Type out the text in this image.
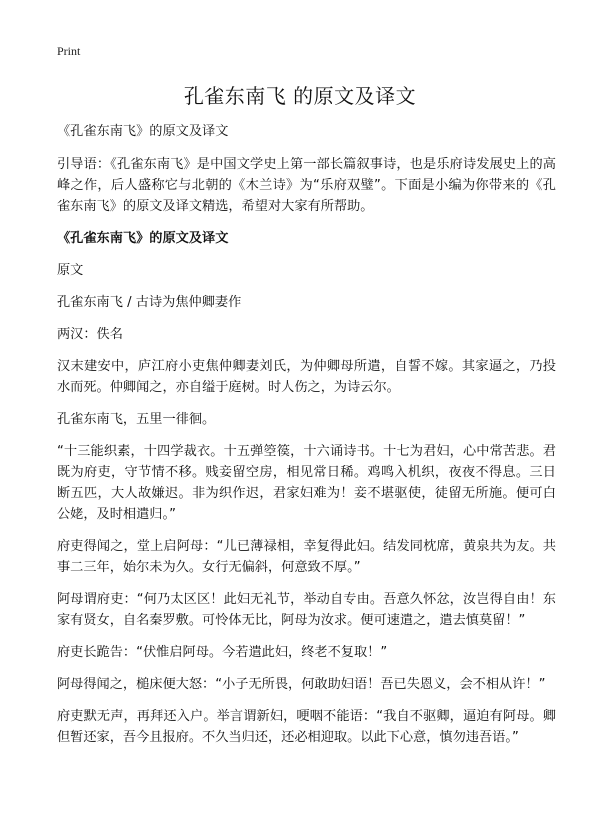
Print
孔雀东南飞 的原文及译文

《孔雀东南飞》的原文及译文

引导语：《孔雀东南飞》是中国文学史上第一部长篇叙事诗，也是乐府诗发展史上的高峰之作，后人盛称它与北朝的《木兰诗》为“乐府双璧”。下面是小编为你带来的《孔雀东南飞》的原文及译文精选，希望对大家有所帮助。

《孔雀东南飞》的原文及译文

原文

孔雀东南飞 / 古诗为焦仲卿妻作

两汉：佚名

汉末建安中，庐江府小吏焦仲卿妻刘氏，为仲卿母所遣，自誓不嫁。其家逼之，乃投水而死。仲卿闻之，亦自缢于庭树。时人伤之，为诗云尔。

孔雀东南飞，五里一徘徊。

“十三能织素，十四学裁衣。十五弹箜篌，十六诵诗书。十七为君妇，心中常苦悲。君既为府吏，守节情不移。贱妾留空房，相见常日稀。鸡鸣入机织，夜夜不得息。三日断五匹，大人故嫌迟。非为织作迟，君家妇难为！妾不堪驱使，徒留无所施。便可白公姥，及时相遣归。”

府吏得闻之，堂上启阿母：“儿已薄禄相，幸复得此妇。结发同枕席，黄泉共为友。共事二三年，始尔未为久。女行无偏斜，何意致不厚。”

阿母谓府吏：“何乃太区区！此妇无礼节，举动自专由。吾意久怀忿，汝岂得自由！东家有贤女，自名秦罗敷。可怜体无比，阿母为汝求。便可速遣之，遣去慎莫留！”

府吏长跪告：“伏惟启阿母。今若遣此妇，终老不复取！”

阿母得闻之，槌床便大怒：“小子无所畏，何敢助妇语！吾已失恩义，会不相从许！”

府吏默无声，再拜还入户。举言谓新妇，哽咽不能语：“我自不驱卿，逼迫有阿母。卿但暂还家，吾今且报府。不久当归还，还必相迎取。以此下心意，慎勿违吾语。”
